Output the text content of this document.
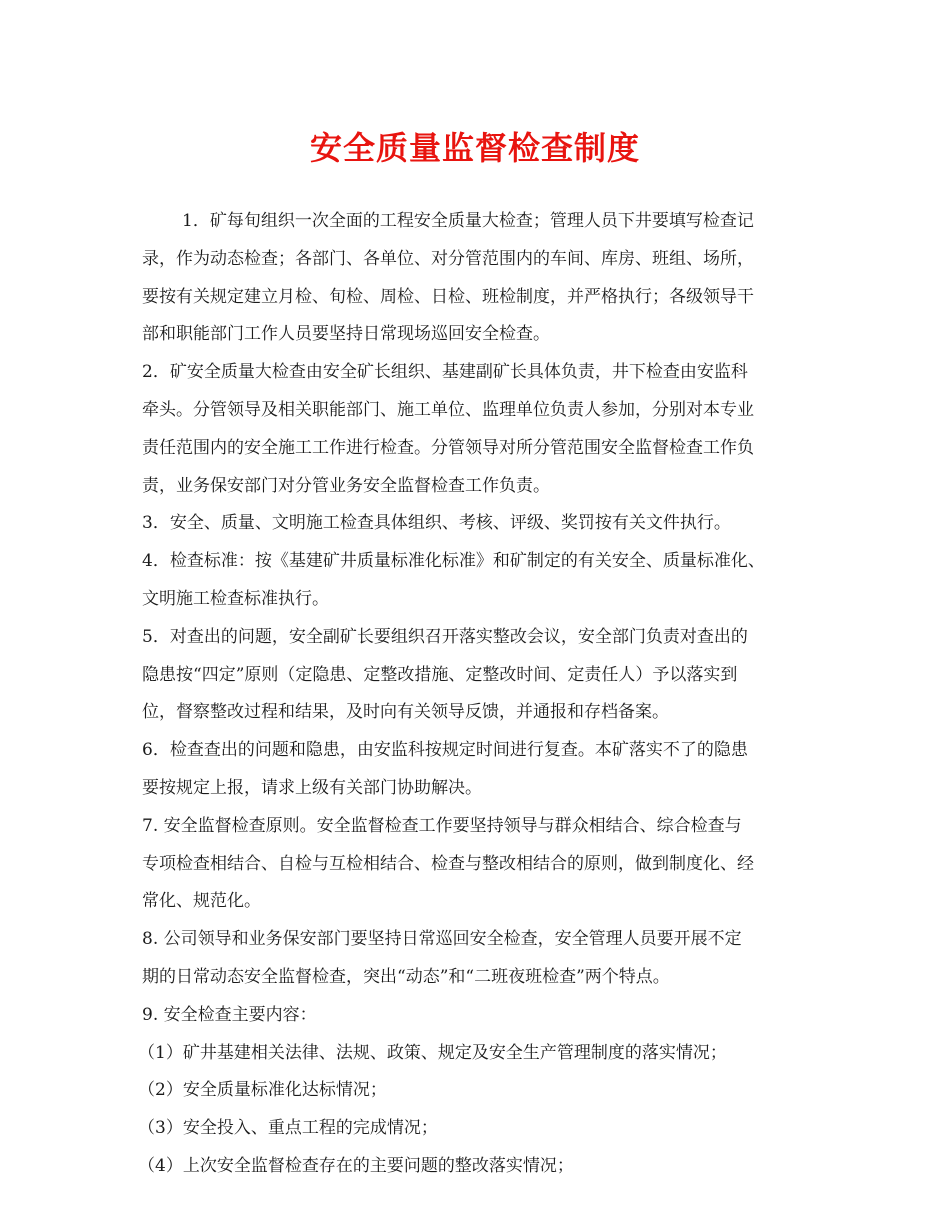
安全质量监督检查制度
1．矿每旬组织一次全面的工程安全质量大检查；管理人员下井要填写检查记
录，作为动态检查；各部门、各单位、对分管范围内的车间、库房、班组、场所，
要按有关规定建立月检、旬检、周检、日检、班检制度，并严格执行；各级领导干
部和职能部门工作人员要坚持日常现场巡回安全检查。
2．矿安全质量大检查由安全矿长组织、基建副矿长具体负责，井下检查由安监科
牵头。分管领导及相关职能部门、施工单位、监理单位负责人参加，分别对本专业
责任范围内的安全施工工作进行检查。分管领导对所分管范围安全监督检查工作负
责，业务保安部门对分管业务安全监督检查工作负责。
3．安全、质量、文明施工检查具体组织、考核、评级、奖罚按有关文件执行。
4．检查标准：按《基建矿井质量标准化标准》和矿制定的有关安全、质量标准化、
文明施工检查标准执行。
5．对查出的问题，安全副矿长要组织召开落实整改会议，安全部门负责对查出的
隐患按“四定”原则（定隐患、定整改措施、定整改时间、定责任人）予以落实到
位，督察整改过程和结果，及时向有关领导反馈，并通报和存档备案。
6．检查查出的问题和隐患，由安监科按规定时间进行复查。本矿落实不了的隐患
要按规定上报，请求上级有关部门协助解决。
7. 安全监督检查原则。安全监督检查工作要坚持领导与群众相结合、综合检查与
专项检查相结合、自检与互检相结合、检查与整改相结合的原则，做到制度化、经
常化、规范化。
8. 公司领导和业务保安部门要坚持日常巡回安全检查，安全管理人员要开展不定
期的日常动态安全监督检查，突出“动态”和“二班夜班检查”两个特点。
9. 安全检查主要内容：
（1）矿井基建相关法律、法规、政策、规定及安全生产管理制度的落实情况；
（2）安全质量标准化达标情况；
（3）安全投入、重点工程的完成情况；
（4）上次安全监督检查存在的主要问题的整改落实情况；
